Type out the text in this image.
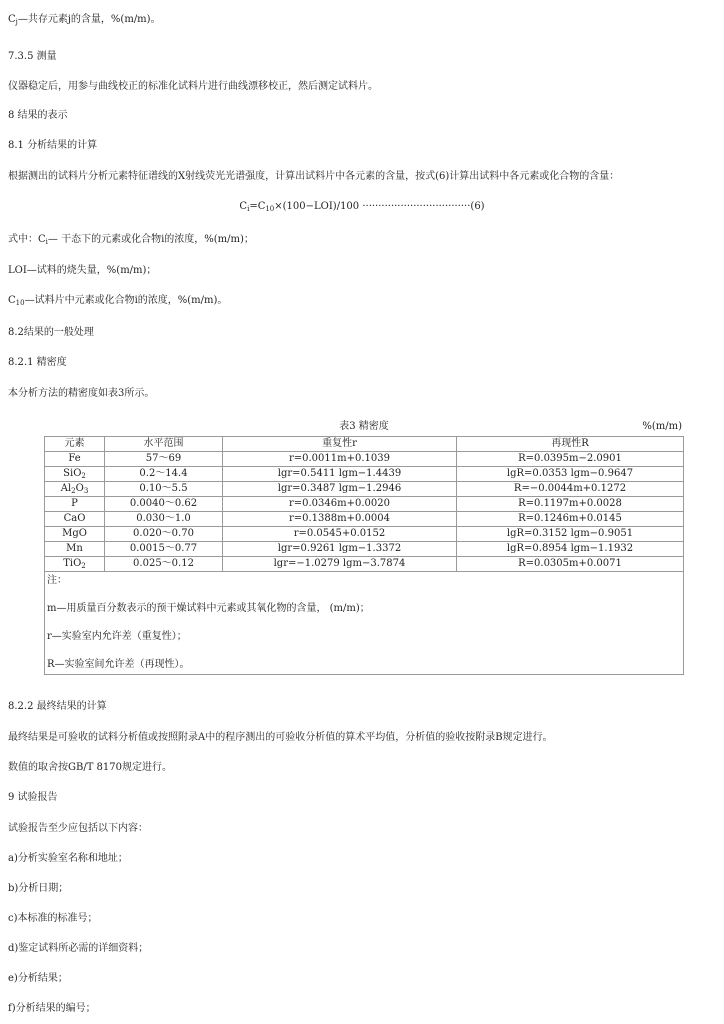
$C_j—$共存元素j的含量，%(m/m)。
7.3.5 测量
仪器稳定后，用参与曲线校正的标准化试料片进行曲线漂移校正，然后测定试料片。
8 结果的表示
8.1 分析结果的计算
根据测出的试料片分析元素特征谱线的X射线荧光光谱强度，计算出试料片中各元素的含量，按式(6)计算出试料中各元素或化合物的含量：
$C_i=C_{10}\times(100-LOI)/100 \cdot\cdot\cdot\cdot\cdot\cdot\cdot\cdot\cdot\cdot\cdot\cdot\cdot\cdot\cdot\cdot\cdot\cdot\cdot\cdot\cdot\cdot\cdot\cdot\cdot\cdot\cdot\cdot\cdot\cdot\cdot\cdot\cdot\cdot(6)$
式中：$C_i—$ 干态下的元素或化合物i的浓度，%(m/m)；
LOI—试料的烧失量，%(m/m)；
$C_{10}—$试料片中元素或化合物i的浓度，%(m/m)。
8.2结果的一般处理
8.2.1 精密度
本分析方法的精密度如表3所示。
表3 精密度	%(m/m)
元素	水平范围	重复性r	再现性R
Fe	57～69	r=0.0011m+0.1039	R=0.0395m−2.0901
SiO$_2$	0.2～14.4	lgr=0.5411 lgm−1.4439	lgR=0.0353 lgm−0.9647
$Al_2O_3$	0.10～5.5	lgr=0.3487 lgm−1.2946	R=−0.0044m+0.1272
P	0.0040～0.62	r=0.0346m+0.0020	R=0.1197m+0.0028
CaO	0.030～1.0	r=0.1388m+0.0004	R=0.1246m+0.0145
MgO	0.020～0.70	r=0.0545+0.0152	lgR=0.3152 lgm−0.9051
Mn	0.0015～0.77	lgr=0.9261 lgm−1.3372	lgR=0.8954 lgm−1.1932
TiO$_2$	0.025～0.12	lgr=−1.0279 lgm−3.7874	R=0.0305m+0.0071

注：
m—用质量百分数表示的预干燥试料中元素或其氧化物的含量， (m/m)；
r—实验室内允许差（重复性）；
R—实验室间允许差（再现性）。			
8.2.2 最终结果的计算
最终结果是可验收的试料分析值或按照附录A中的程序测出的可验收分析值的算术平均值，分析值的验收按附录B规定进行。
数值的取舍按GB/T 8170规定进行。
9 试验报告
试验报告至少应包括以下内容：
a)分析实验室名称和地址；
b)分析日期；
c)本标准的标准号；
d)鉴定试料所必需的详细资料；
e)分析结果；
f)分析结果的编号；
